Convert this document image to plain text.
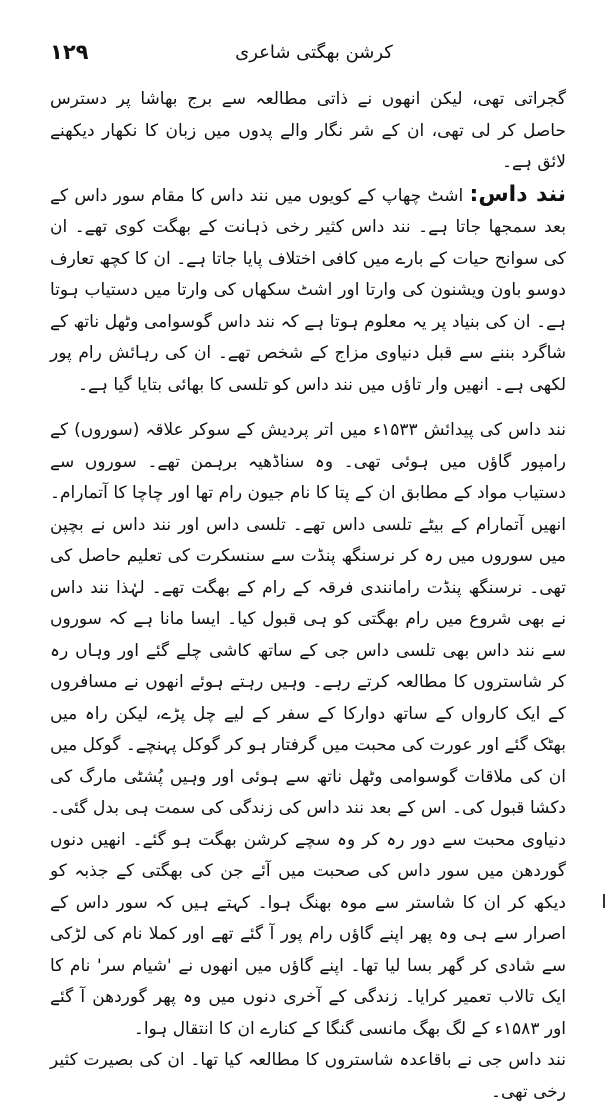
۱۲۹	کرشن بھگتی شاعری

گجراتی تھی، لیکن انھوں نے ذاتی مطالعہ سے برج بھاشا پر دسترس حاصل کر لی تھی، ان کے شر نگار والے پدوں میں زبان کا نکھار دیکھنے لائق ہے۔

نند داس: اشٹ چھاپ کے کویوں میں نند داس کا مقام سور داس کے بعد سمجھا جاتا ہے۔ نند داس کثیر رخی ذہانت کے بھگت کوی تھے۔ ان کی سوانح حیات کے بارے میں کافی اختلاف پایا جاتا ہے۔ ان کا کچھ تعارف دوسو باون ویشنون کی وارتا اور اشٹ سکھاں کی وارتا میں دستیاب ہوتا ہے۔ ان کی بنیاد پر یہ معلوم ہوتا ہے کہ نند داس گوسوامی وٹھل ناتھ کے شاگرد بننے سے قبل دنیاوی مزاج کے شخص تھے۔ ان کی رہائش رام پور لکھی ہے۔ انھیں وار تاؤں میں نند داس کو تلسی کا بھائی بتایا گیا ہے۔

نند داس کی پیدائش ۱۵۳۳ء میں اتر پردیش کے سوکر علاقہ (سوروں) کے رامپور گاؤں میں ہوئی تھی۔ وہ سناڈھیہ برہمن تھے۔ سوروں سے دستیاب مواد کے مطابق ان کے پتا کا نام جیون رام تھا اور چاچا کا آتمارام۔ انھیں آتمارام کے بیٹے تلسی داس تھے۔ تلسی داس اور نند داس نے بچپن میں سوروں میں رہ کر نرسنگھ پنڈت سے سنسکرت کی تعلیم حاصل کی تھی۔ نرسنگھ پنڈت رامانندی فرقہ کے رام کے بھگت تھے۔ لہٰذا نند داس نے بھی شروع میں رام بھگتی کو ہی قبول کیا۔ ایسا مانا ہے کہ سوروں سے نند داس بھی تلسی داس جی کے ساتھ کاشی چلے گئے اور وہاں رہ کر شاستروں کا مطالعہ کرتے رہے۔ وہیں رہتے ہوئے انھوں نے مسافروں کے ایک کارواں کے ساتھ دوارکا کے سفر کے لیے چل پڑے، لیکن راہ میں بھٹک گئے اور عورت کی محبت میں گرفتار ہو کر گوکل پہنچے۔ گوکل میں ان کی ملاقات گوسوامی وٹھل ناتھ سے ہوئی اور وہیں پُشٹی مارگ کی دکشا قبول کی۔ اس کے بعد نند داس کی زندگی کی سمت ہی بدل گئی۔ دنیاوی محبت سے دور رہ کر وہ سچے کرشن بھگت ہو گئے۔ انھیں دنوں گوردھن میں سور داس کی صحبت میں آئے جن کی بھگتی کے جذبہ کو دیکھ کر ان کا شاستر سے موہ بھنگ ہوا۔ کہتے ہیں کہ سور داس کے اصرار سے ہی وہ پھر اپنے گاؤں رام پور آ گئے تھے اور کملا نام کی لڑکی سے شادی کر گھر بسا لیا تھا۔ اپنے گاؤں میں انھوں نے 'شیام سر' نام کا ایک تالاب تعمیر کرایا۔ زندگی کے آخری دنوں میں وہ پھر گوردھن آ گئے اور ۱۵۸۳ء کے لگ بھگ مانسی گنگا کے کنارے ان کا انتقال ہوا۔

نند داس جی نے باقاعدہ شاستروں کا مطالعہ کیا تھا۔ ان کی بصیرت کثیر رخی تھی۔
